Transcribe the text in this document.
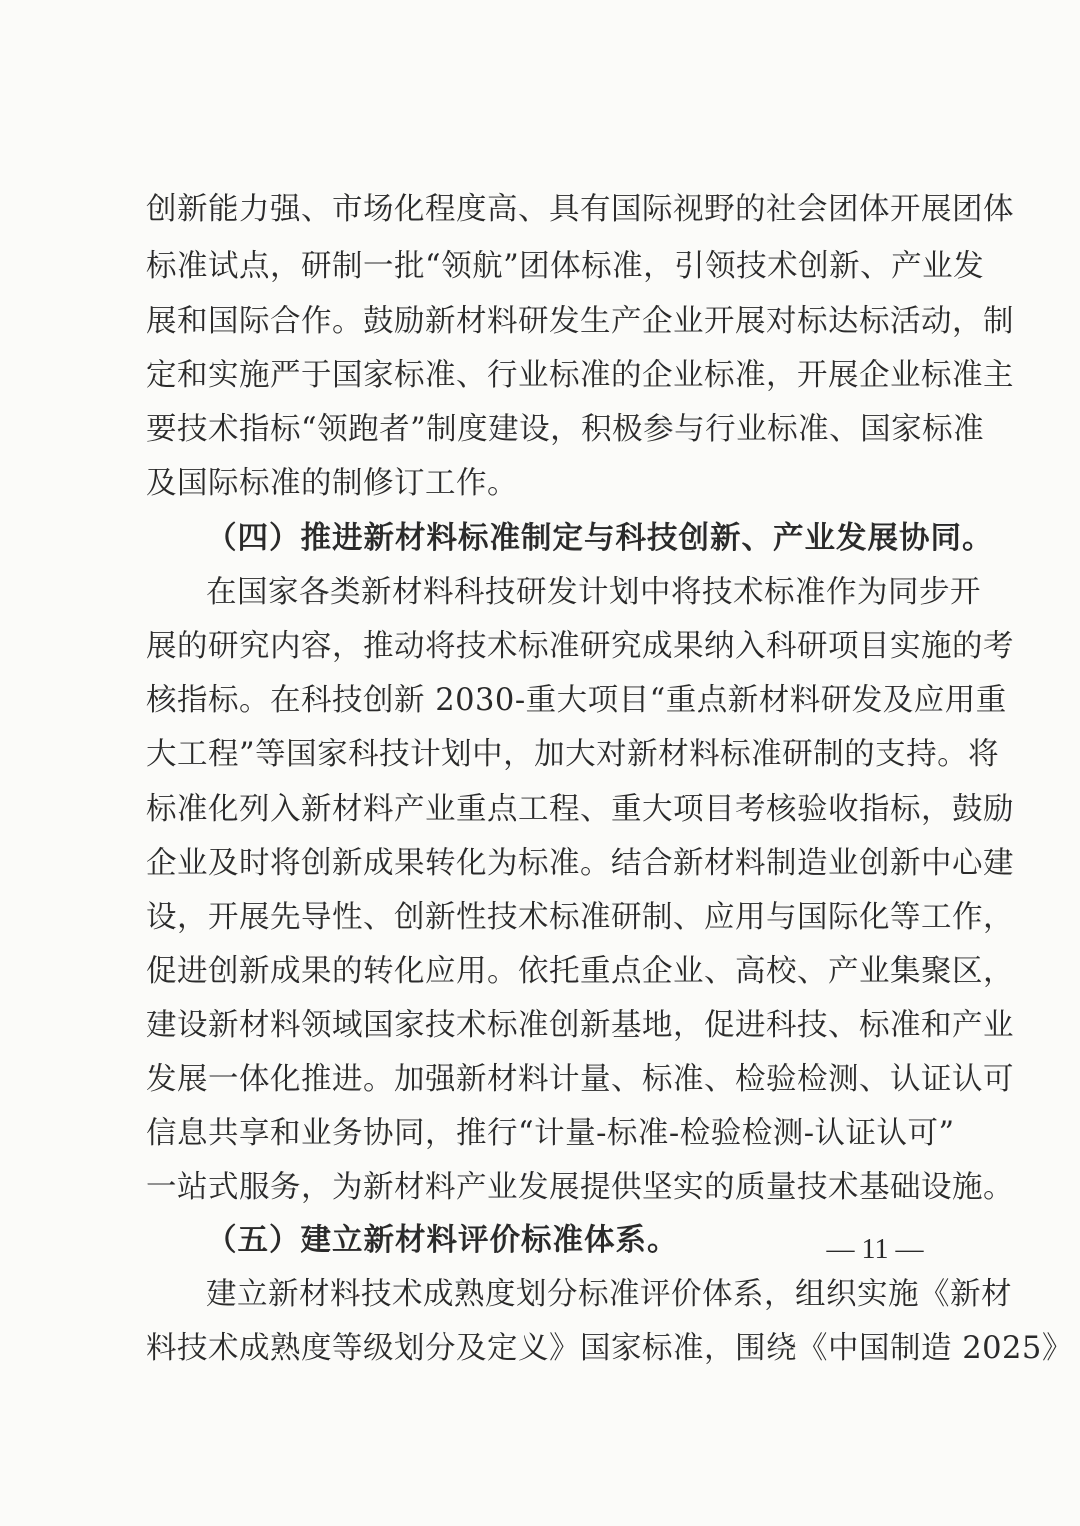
创新能力强、市场化程度高、具有国际视野的社会团体开展团体
标准试点，研制一批“领航”团体标准，引领技术创新、产业发
展和国际合作。鼓励新材料研发生产企业开展对标达标活动，制
定和实施严于国家标准、行业标准的企业标准，开展企业标准主
要技术指标“领跑者”制度建设，积极参与行业标准、国家标准
及国际标准的制修订工作。
（四）推进新材料标准制定与科技创新、产业发展协同。
在国家各类新材料科技研发计划中将技术标准作为同步开
展的研究内容，推动将技术标准研究成果纳入科研项目实施的考
核指标。在科技创新 2030-重大项目“重点新材料研发及应用重
大工程”等国家科技计划中，加大对新材料标准研制的支持。将
标准化列入新材料产业重点工程、重大项目考核验收指标，鼓励
企业及时将创新成果转化为标准。结合新材料制造业创新中心建
设，开展先导性、创新性技术标准研制、应用与国际化等工作，
促进创新成果的转化应用。依托重点企业、高校、产业集聚区，
建设新材料领域国家技术标准创新基地，促进科技、标准和产业
发展一体化推进。加强新材料计量、标准、检验检测、认证认可
信息共享和业务协同，推行“计量-标准-检验检测-认证认可”
一站式服务，为新材料产业发展提供坚实的质量技术基础设施。
（五）建立新材料评价标准体系。
建立新材料技术成熟度划分标准评价体系，组织实施《新材
料技术成熟度等级划分及定义》国家标准，围绕《中国制造 2025》
— 11 —
